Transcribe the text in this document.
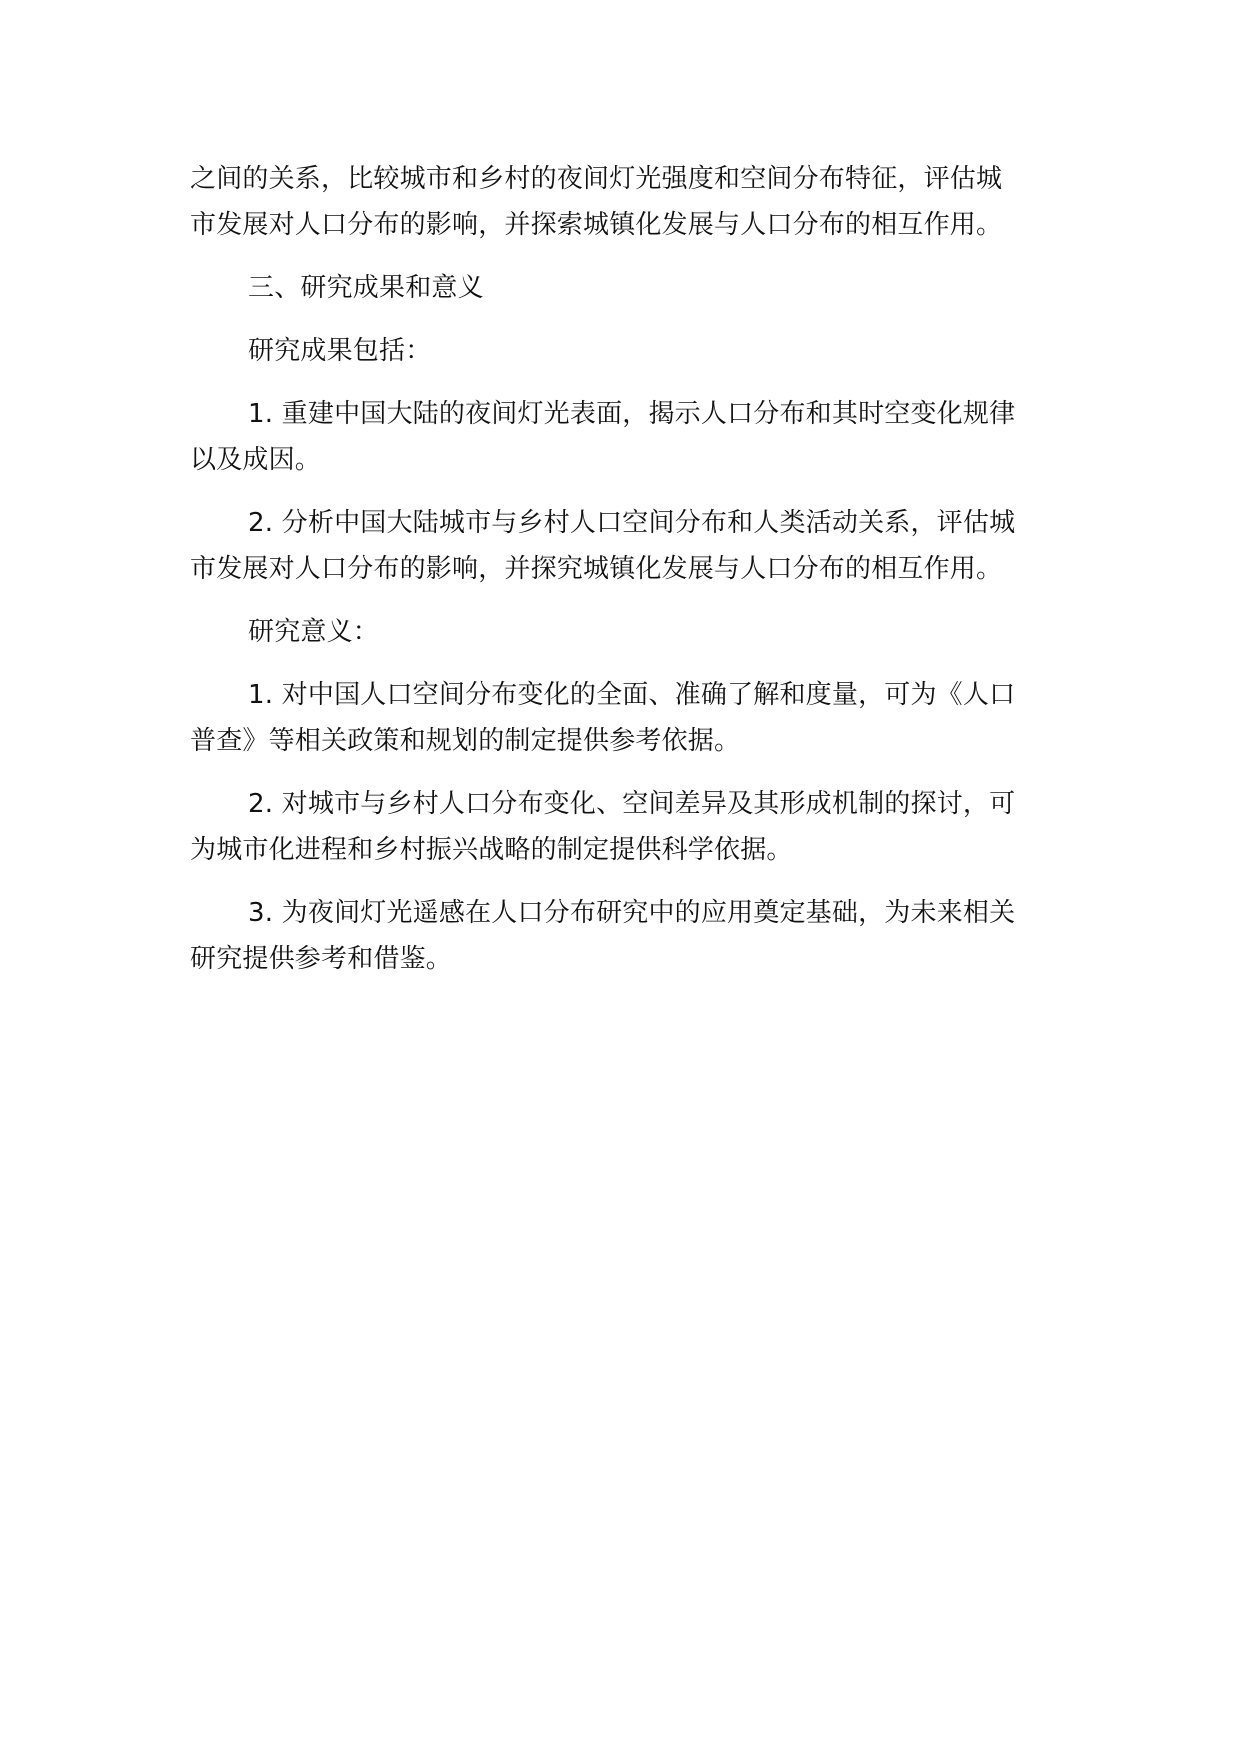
之间的关系，比较城市和乡村的夜间灯光强度和空间分布特征，评估城
市发展对人口分布的影响，并探索城镇化发展与人口分布的相互作用。

三、研究成果和意义

研究成果包括：

1. 重建中国大陆的夜间灯光表面，揭示人口分布和其时空变化规律
以及成因。

2. 分析中国大陆城市与乡村人口空间分布和人类活动关系，评估城
市发展对人口分布的影响，并探究城镇化发展与人口分布的相互作用。

研究意义：

1. 对中国人口空间分布变化的全面、准确了解和度量，可为《人口
普查》等相关政策和规划的制定提供参考依据。

2. 对城市与乡村人口分布变化、空间差异及其形成机制的探讨，可
为城市化进程和乡村振兴战略的制定提供科学依据。

3. 为夜间灯光遥感在人口分布研究中的应用奠定基础，为未来相关
研究提供参考和借鉴。
